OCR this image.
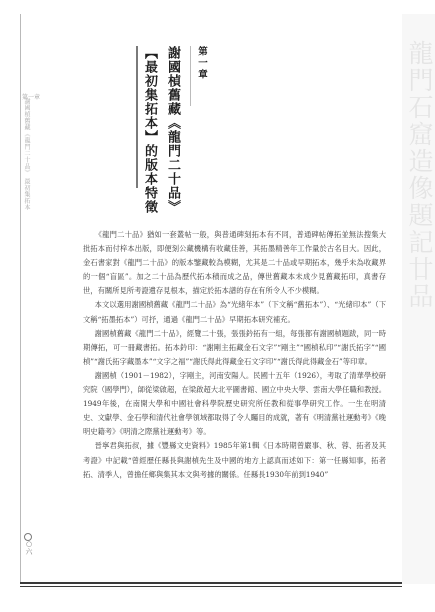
龍門石窟造像題記廿品
第一章
謝國楨舊藏《龍門二十品》 最初集拓本
○六
第一章
謝國楨舊藏《龍門二十品》
【最初集拓本】的版本特徵

《龍門二十品》猶如一套叢帖一般，與普通碑刻拓本有不同，普通碑帖傳拓並無法搜集大批拓本而付梓本出版，即便刻公藏機構有收藏佳善，其拓墨精善年工作量於古名目大。因此，金石書家對《龍門二十品》的版本鑒藏較為模糊，尤其是二十品或早期拓本，幾乎未為收藏界的一個“盲區”。加之二十品為歷代拓本積而成之品，傳世舊藏本未成少見舊藏拓印，真書存世，有關所見所考證遺存見根本，描定於拓本譜的存在有所令人不少模糊。

本文以選用謝國楨舊藏《龍門二十品》為“光緒年本”（下文稱“舊拓本”）、“光緒印本”（下文稱“拓墨拓本”）可抒，通過《龍門二十品》早期拓本研究補充。

謝國楨舊藏《龍門二十品》，經覽二十張，張張鈐拓有一組，每張都有謝國楨題跋，同一時期傳拓，可一冊藏書拓。拓本鈐印：“謝剛主拓藏金石文字”“剛主”“國楨私印”“謝氏拓字”“國楨”“謝氏拓字藏墨本”“文字之福”“謝氏得此得藏金石文字印”“謝氏得此得藏金石”等印章。

謝國楨（1901－1982），字剛主，河南安陽人。民國十五年（1926），考取了清華學校研究院（國學門），師從梁啟超，在梁啟超大北平圖書館、國立中央大學、雲南大學任職和教授。1949年後，在南開大學和中國社會科學院歷史研究所任教和從事學研究工作。一生在明清史、文獻學、金石學和清代社會學領域都取得了令人矚目的成就，著有《明清黨社運動考》《晚明史籍考》《明清之際黨社運動考》等。

晉寧君與拓叔，據《豐縣文史資料》1985年第1輯《日本時期曾嚴事、秋、蓉、拓者及其考證》中記載“曾經歷任縣長與謝楨先生及中國的地方上認真而述如下：第一任縣知事，拓者拓、清季人，曾擔任鄉與集其本文與考據的關係。任縣長1930年前到1940”
